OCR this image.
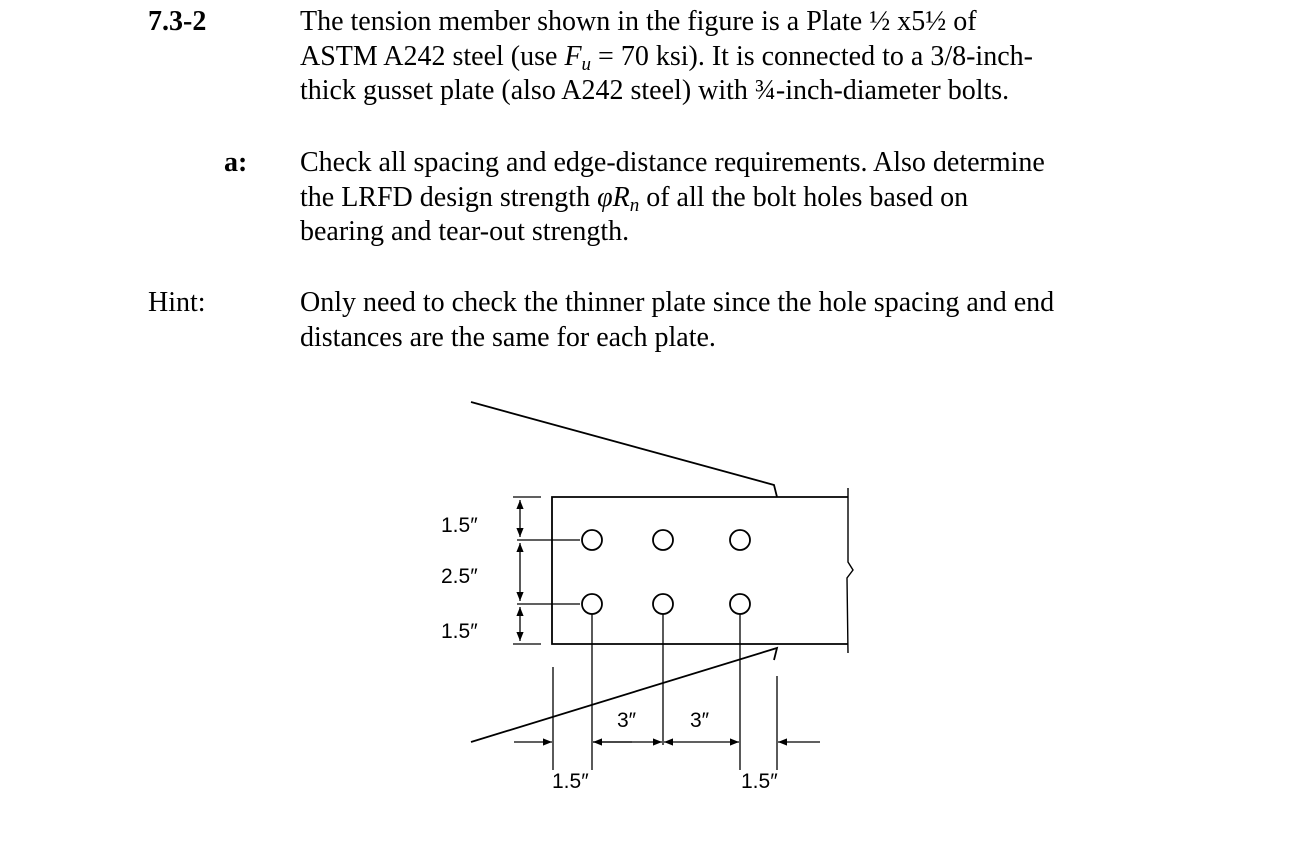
7.3-2	The tension member shown in the figure is a Plate ½ x5½ of
ASTM A242 steel (use $F_u = 70$ ksi). It is connected to a 3/8-inch-
thick gusset plate (also A242 steel) with ¾-inch-diameter bolts.
a: Check all spacing and edge-distance requirements. Also determine
the LRFD design strength $\varphi R_n$ of all the bolt holes based on
bearing and tear-out strength.
Hint:	Only need to check the thinner plate since the hole spacing and end
distances are the same for each plate.
1.5″
2.5″
1.5″
3″	3″
1.5″	1.5″
